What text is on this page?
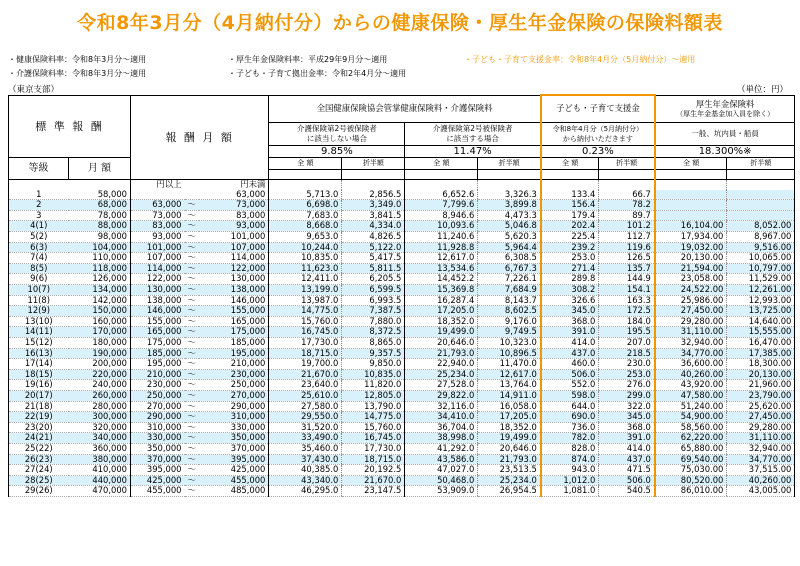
令和8年3月分（4月納付分）からの健康保険・厚生年金保険の保険料額表
・健康保険料率：令和8年3月分～適用
・介護保険料率：令和8年3月分～適用
・厚生年金保険料率：平成29年9月分～適用
・子ども・子育て拠出金率：令和2年4月分～適用
・子ども・子育て支援金率：令和8年4月分（5月納付分）～適用
（東京支部）	（単位：円）
標 準 報 酬		報 酬 月 額			全国健康保険協会管掌健康保険料・介護保険料				子ども・子育て支援金		厚生年金保険料
（厚生年金基金加入員を除く）	

					介護保険第2号被保険者
に該当しない場合		介護保険第2号被保険者
に該当する場合		令和8年4月分（5月納付分）
から納付いただきます		一般、坑内員・船員	
					9.85%		11.47%		0.23%		18.300%※	
等級	月 額				全 額	折半額	全 額	折半額	全 額	折半額	全 額	折半額

		円以上		円未満								
1	58,000			63,000	5,713.0	2,856.5	6,652.6	3,326.3	133.4	66.7		
2	68,000	63,000	～	73,000	6,698.0	3,349.0	7,799.6	3,899.8	156.4	78.2		
3	78,000	73,000	～	83,000	7,683.0	3,841.5	8,946.6	4,473.3	179.4	89.7		
4(1)	88,000	83,000	～	93,000	8,668.0	4,334.0	10,093.6	5,046.8	202.4	101.2	16,104.00	8,052.00
5(2)	98,000	93,000	～	101,000	9,653.0	4,826.5	11,240.6	5,620.3	225.4	112.7	17,934.00	8,967.00
6(3)	104,000	101,000	～	107,000	10,244.0	5,122.0	11,928.8	5,964.4	239.2	119.6	19,032.00	9,516.00
7(4)	110,000	107,000	～	114,000	10,835.0	5,417.5	12,617.0	6,308.5	253.0	126.5	20,130.00	10,065.00
8(5)	118,000	114,000	～	122,000	11,623.0	5,811.5	13,534.6	6,767.3	271.4	135.7	21,594.00	10,797.00
9(6)	126,000	122,000	～	130,000	12,411.0	6,205.5	14,452.2	7,226.1	289.8	144.9	23,058.00	11,529.00
10(7)	134,000	130,000	～	138,000	13,199.0	6,599.5	15,369.8	7,684.9	308.2	154.1	24,522.00	12,261.00
11(8)	142,000	138,000	～	146,000	13,987.0	6,993.5	16,287.4	8,143.7	326.6	163.3	25,986.00	12,993.00
12(9)	150,000	146,000	～	155,000	14,775.0	7,387.5	17,205.0	8,602.5	345.0	172.5	27,450.00	13,725.00
13(10)	160,000	155,000	～	165,000	15,760.0	7,880.0	18,352.0	9,176.0	368.0	184.0	29,280.00	14,640.00
14(11)	170,000	165,000	～	175,000	16,745.0	8,372.5	19,499.0	9,749.5	391.0	195.5	31,110.00	15,555.00
15(12)	180,000	175,000	～	185,000	17,730.0	8,865.0	20,646.0	10,323.0	414.0	207.0	32,940.00	16,470.00
16(13)	190,000	185,000	～	195,000	18,715.0	9,357.5	21,793.0	10,896.5	437.0	218.5	34,770.00	17,385.00
17(14)	200,000	195,000	～	210,000	19,700.0	9,850.0	22,940.0	11,470.0	460.0	230.0	36,600.00	18,300.00
18(15)	220,000	210,000	～	230,000	21,670.0	10,835.0	25,234.0	12,617.0	506.0	253.0	40,260.00	20,130.00
19(16)	240,000	230,000	～	250,000	23,640.0	11,820.0	27,528.0	13,764.0	552.0	276.0	43,920.00	21,960.00
20(17)	260,000	250,000	～	270,000	25,610.0	12,805.0	29,822.0	14,911.0	598.0	299.0	47,580.00	23,790.00
21(18)	280,000	270,000	～	290,000	27,580.0	13,790.0	32,116.0	16,058.0	644.0	322.0	51,240.00	25,620.00
22(19)	300,000	290,000	～	310,000	29,550.0	14,775.0	34,410.0	17,205.0	690.0	345.0	54,900.00	27,450.00
23(20)	320,000	310,000	～	330,000	31,520.0	15,760.0	36,704.0	18,352.0	736.0	368.0	58,560.00	29,280.00
24(21)	340,000	330,000	～	350,000	33,490.0	16,745.0	38,998.0	19,499.0	782.0	391.0	62,220.00	31,110.00
25(22)	360,000	350,000	～	370,000	35,460.0	17,730.0	41,292.0	20,646.0	828.0	414.0	65,880.00	32,940.00
26(23)	380,000	370,000	～	395,000	37,430.0	18,715.0	43,586.0	21,793.0	874.0	437.0	69,540.00	34,770.00
27(24)	410,000	395,000	～	425,000	40,385.0	20,192.5	47,027.0	23,513.5	943.0	471.5	75,030.00	37,515.00
28(25)	440,000	425,000	～	455,000	43,340.0	21,670.0	50,468.0	25,234.0	1,012.0	506.0	80,520.00	40,260.00
29(26)	470,000	455,000	～	485,000	46,295.0	23,147.5	53,909.0	26,954.5	1,081.0	540.5	86,010.00	43,005.00
